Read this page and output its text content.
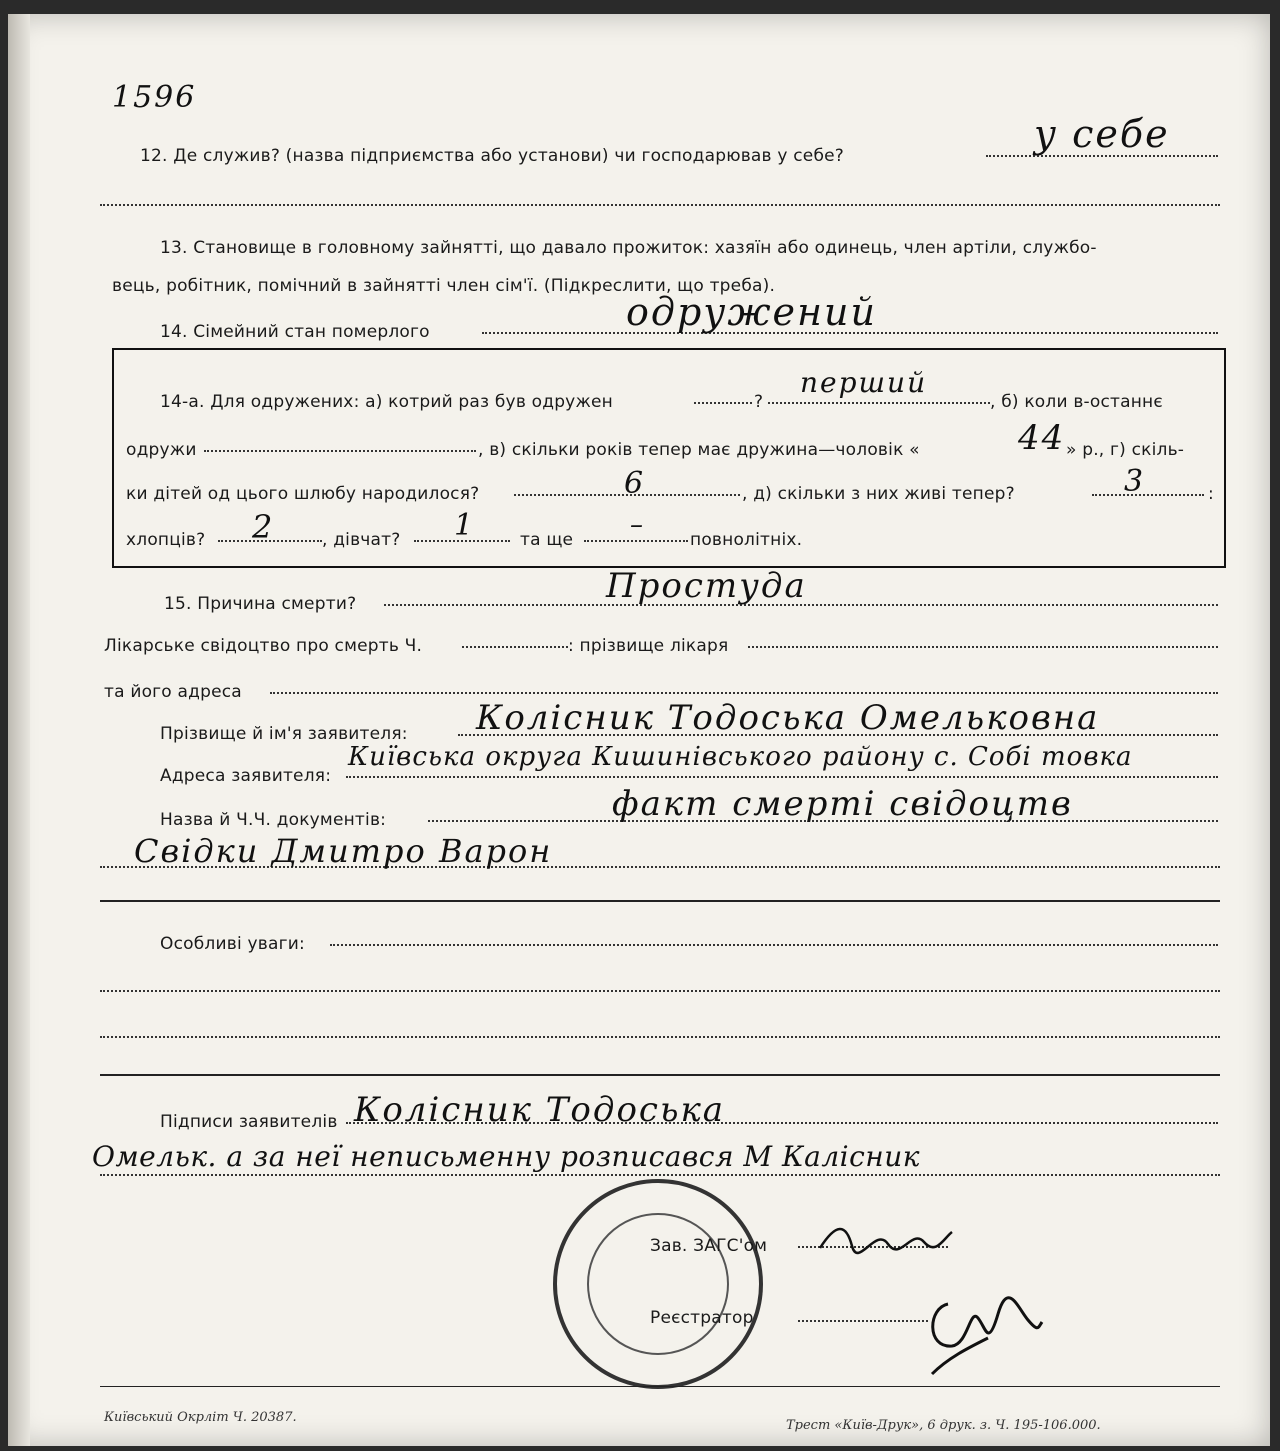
1596
12. Де служив? (назва підприємства або установи) чи господарював у себе?	у себе
13. Становище в головному зайнятті, що давало прожиток: хазяїн або одинець, член артіли, службо-
вець, робітник, помічний в зайнятті член сім'ї. (Підкреслити, що треба).
14. Сімейний стан померлого	одружений
14-а. Для одружених: а) котрий раз був одружен	?
перший
, б) коли в-останнє
одружи	, в) скільки років тепер має дружина—чоловік «	44 » р., г) скіль-
ки дітей од цього шлюбу народилося?	6	, д) скільки з них живі тепер?	3	:
хлопців? 2	, дівчат? 1	та ще –	повнолітніх.
15. Причина смерти?	Простуда
Лікарське свідоцтво про смерть Ч.	: прізвище лікаря
та його адреса
Прізвище й ім'я заявителя: Колісник Тодоська Омельковна
Адреса заявителя:
Київська округа Кишинівського району с. Собі товка
Назва й Ч.Ч. документів:	факт смерті свідоцтв
Свідки Дмитро Варон
Особливі уваги:
Підписи заявителів Колісник Тодоська
Омельк. а за неї неписьменну розписався М Калісник
Зав. ЗАГС'ом
Реєстратор
Київський Окрліт Ч. 20387.
Трест «Київ-Друк», 6 друк. з. Ч. 195-106.000.
